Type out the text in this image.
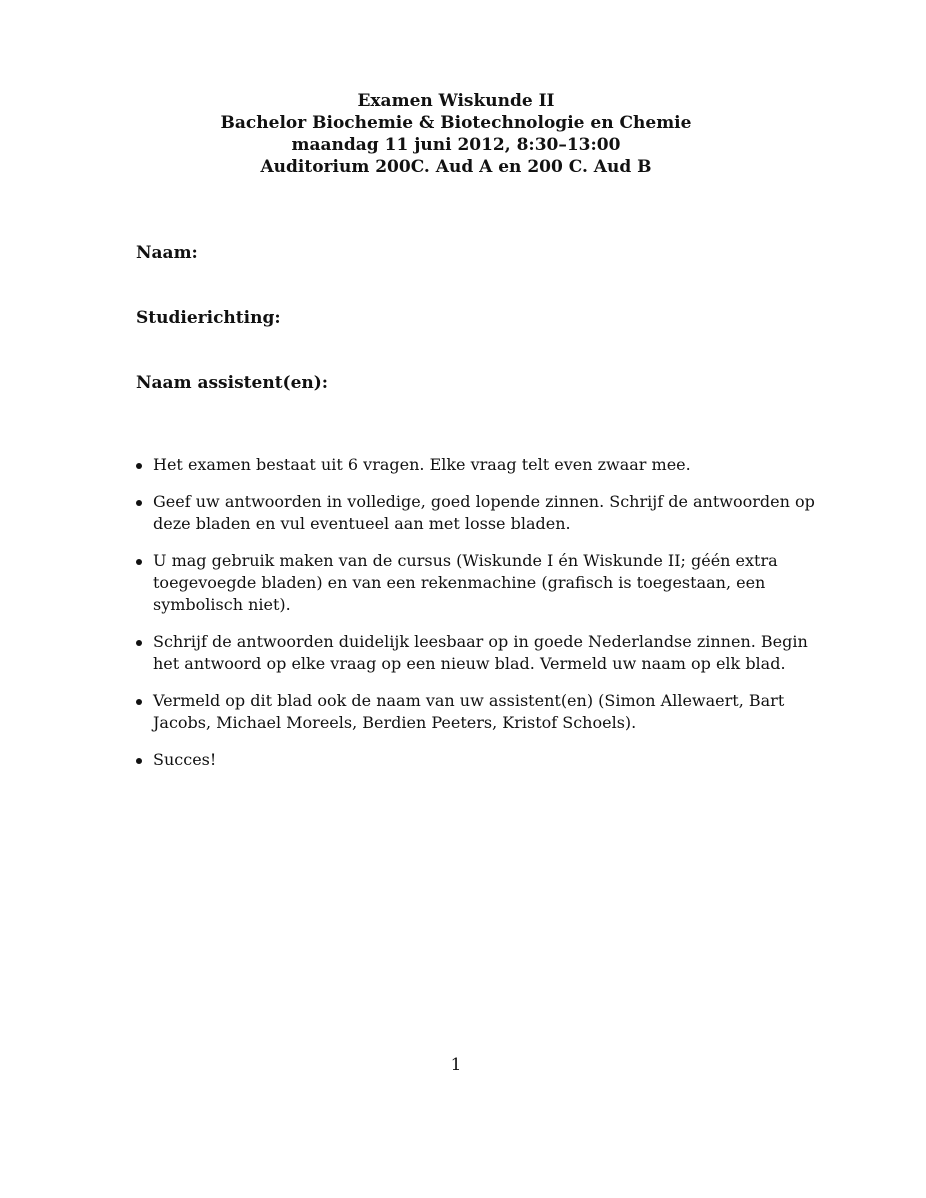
Examen Wiskunde II
Bachelor Biochemie & Biotechnologie en Chemie
maandag 11 juni 2012, 8:30–13:00
Auditorium 200C. Aud A en 200 C. Aud B
Naam:
Studierichting:
Naam assistent(en):
Het examen bestaat uit 6 vragen. Elke vraag telt even zwaar mee.
Geef uw antwoorden in volledige, goed lopende zinnen. Schrijf de antwoorden op deze bladen en vul eventueel aan met losse bladen.
U mag gebruik maken van de cursus (Wiskunde I én Wiskunde II; géén extra toegevoegde bladen) en van een rekenmachine (grafisch is toegestaan, een symbolisch niet).
Schrijf de antwoorden duidelijk leesbaar op in goede Nederlandse zinnen. Begin het antwoord op elke vraag op een nieuw blad. Vermeld uw naam op elk blad.
Vermeld op dit blad ook de naam van uw assistent(en) (Simon Allewaert, Bart Jacobs, Michael Moreels, Berdien Peeters, Kristof Schoels).
Succes!
1
